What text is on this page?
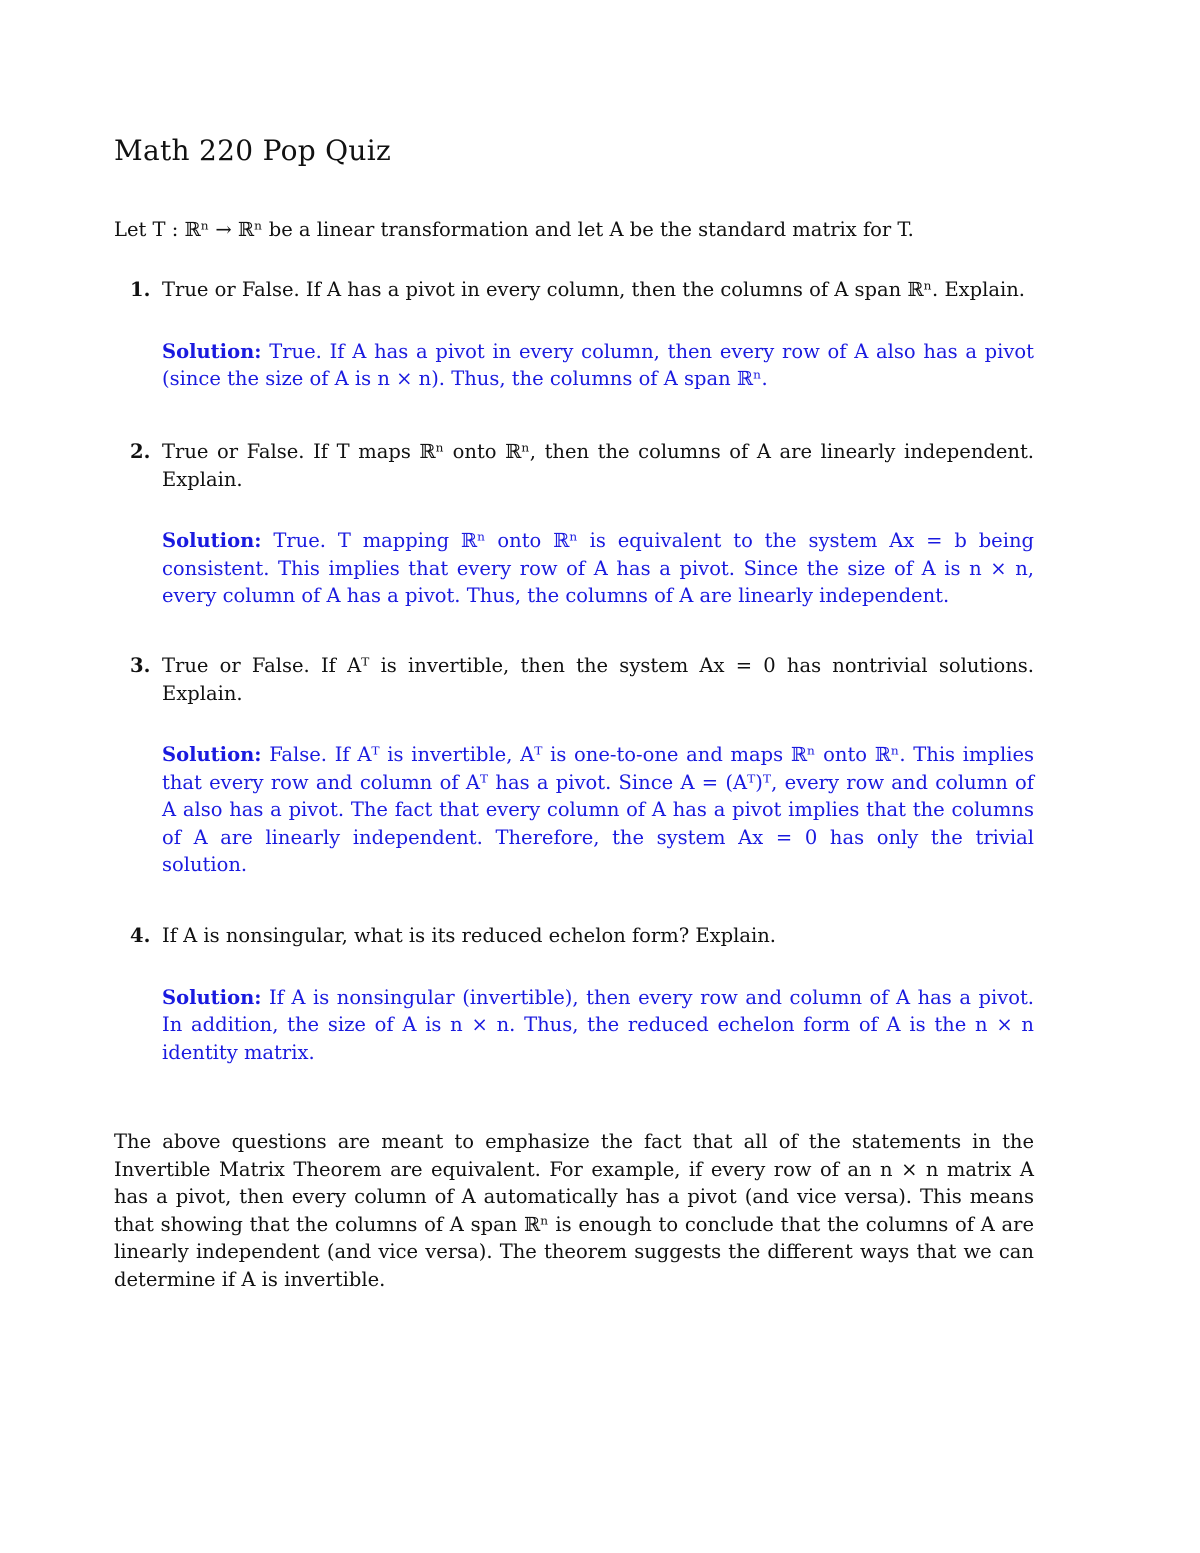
Math 220 Pop Quiz

Let T : ℝⁿ → ℝⁿ be a linear transformation and let A be the standard matrix for T.

1. True or False. If A has a pivot in every column, then the columns of A span ℝⁿ. Explain.
Solution: True. If A has a pivot in every column, then every row of A also has a pivot (since the size of A is n × n). Thus, the columns of A span ℝⁿ.
2. True or False. If T maps ℝⁿ onto ℝⁿ, then the columns of A are linearly independent. Explain.
Solution: True. T mapping ℝⁿ onto ℝⁿ is equivalent to the system Ax = b being consistent. This implies that every row of A has a pivot. Since the size of A is n × n, every column of A has a pivot. Thus, the columns of A are linearly independent.
3. True or False. If Aᵀ is invertible, then the system Ax = 0 has nontrivial solutions. Explain.
Solution: False. If Aᵀ is invertible, Aᵀ is one-to-one and maps ℝⁿ onto ℝⁿ. This implies that every row and column of Aᵀ has a pivot. Since A = (Aᵀ)ᵀ, every row and column of A also has a pivot. The fact that every column of A has a pivot implies that the columns of A are linearly independent. Therefore, the system Ax = 0 has only the trivial solution.
4. If A is nonsingular, what is its reduced echelon form? Explain.
Solution: If A is nonsingular (invertible), then every row and column of A has a pivot. In addition, the size of A is n × n. Thus, the reduced echelon form of A is the n × n identity matrix.

The above questions are meant to emphasize the fact that all of the statements in the Invertible Matrix Theorem are equivalent. For example, if every row of an n × n matrix A has a pivot, then every column of A automatically has a pivot (and vice versa). This means that showing that the columns of A span ℝⁿ is enough to conclude that the columns of A are linearly independent (and vice versa). The theorem suggests the different ways that we can determine if A is invertible.
